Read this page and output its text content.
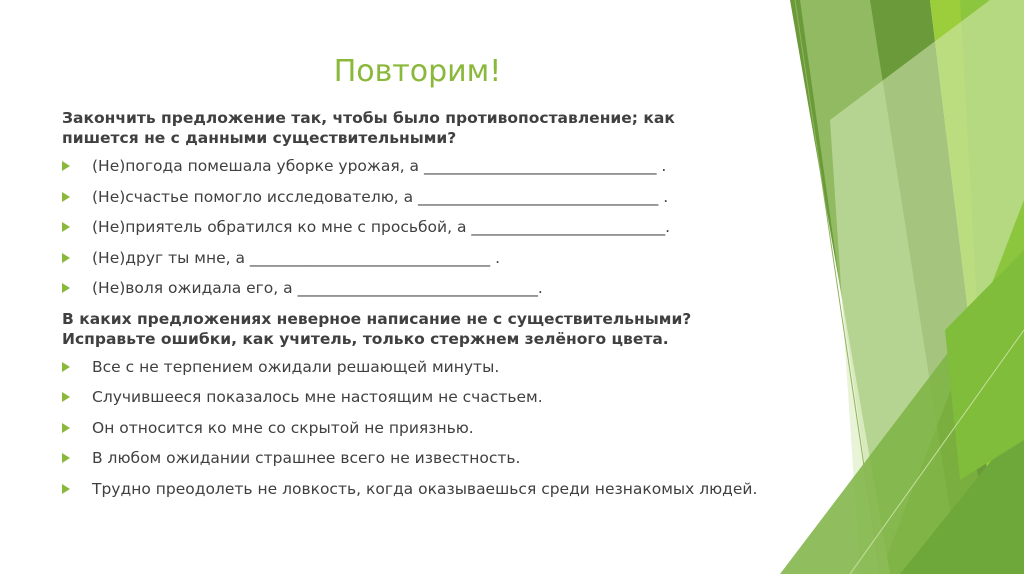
Повторим!
Закончить предложение так, чтобы было противопоставление; как
пишется не с данными существительными?
(Не)погода помешала уборке урожая, а ______________________________ .
(Не)счастье помогло исследователю, а _______________________________ .
(Не)приятель обратился ко мне с просьбой, а _________________________.
(Не)друг ты мне, а _______________________________ .
(Не)воля ожидала его, а _______________________________.
В каких предложениях неверное написание не с существительными?
Исправьте ошибки, как учитель, только стержнем зелёного цвета.
Все с не терпением ожидали решающей минуты.
Случившееся показалось мне настоящим не счастьем.
Он относится ко мне со скрытой не приязнью.
В любом ожидании страшнее всего не известность.
Трудно преодолеть не ловкость, когда оказываешься среди незнакомых людей.
